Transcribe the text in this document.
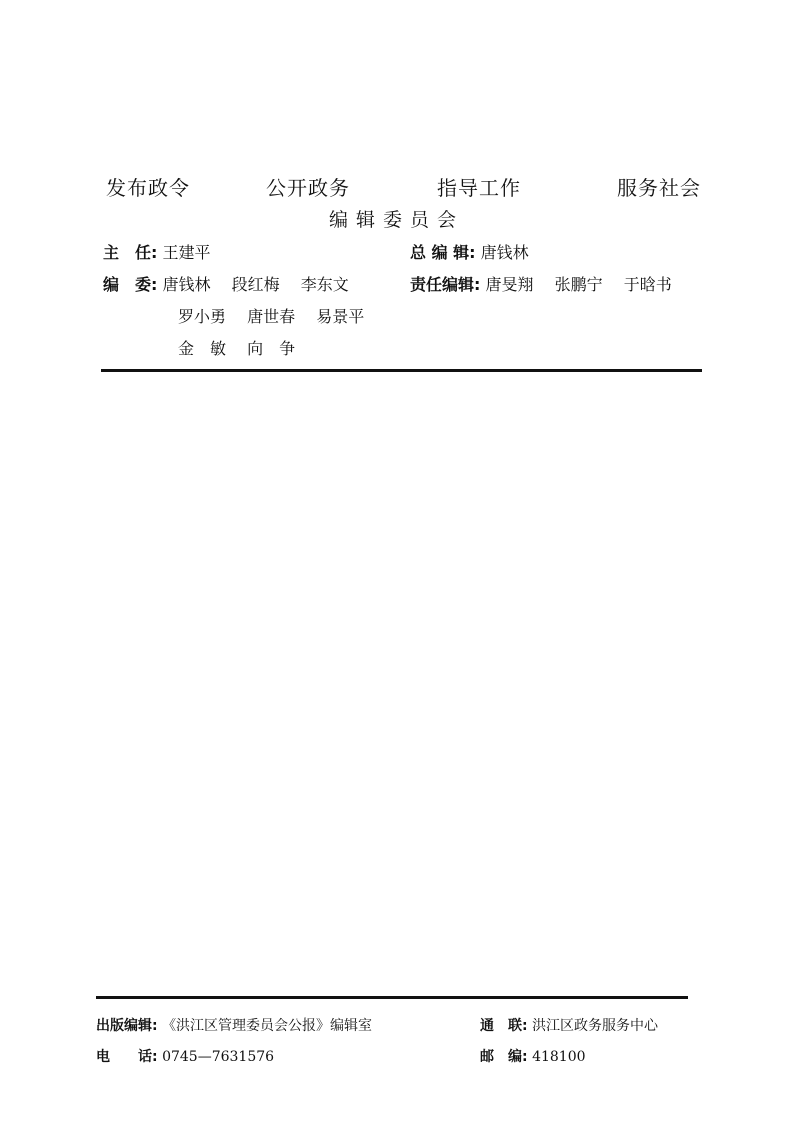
发布政令	公开政务	指导工作	服务社会
编辑委员会
主　任: 王建平	总 编 辑: 唐钱林
编　委: 唐钱林 段红梅 李东文	责任编辑: 唐旻翔 张鹏宁 于晗书
罗小勇 唐世春 易景平
金　敏 向　争
出版编辑: 《洪江区管理委员会公报》编辑室	通　联: 洪江区政务服务中心
电　　话: 0745—7631576	邮　编: 418100
